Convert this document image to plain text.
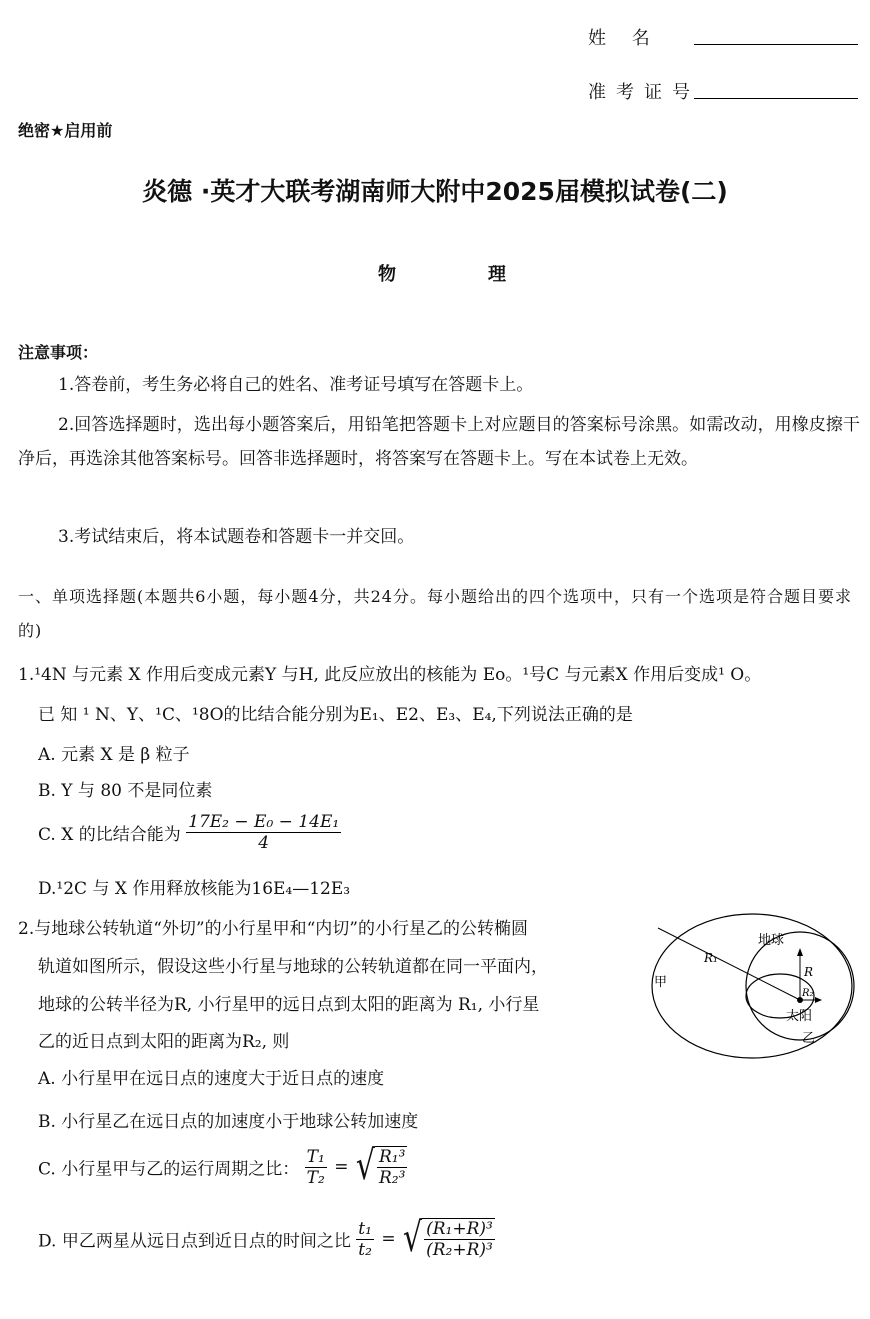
姓 名
准考证号
绝密★启用前
炎德 ·英才大联考湖南师大附中2025届模拟试卷(二)
物	理
注意事项：
1.答卷前，考生务必将自己的姓名、准考证号填写在答题卡上。
2.回答选择题时，选出每小题答案后，用铅笔把答题卡上对应题目的答案标号涂黑。如需改动，用橡皮擦干净后，再选涂其他答案标号。回答非选择题时，将答案写在答题卡上。写在本试卷上无效。
3.考试结束后，将本试题卷和答题卡一并交回。
一、单项选择题(本题共6小题，每小题4分，共24分。每小题给出的四个选项中，只有一个选项是符合题目要求的)
1.¹4N 与元素 X 作用后变成元素Y 与H, 此反应放出的核能为 Eo。¹号C 与元素X 作用后变成¹ O。
已 知 ¹ N、Y、¹C、¹8O的比结合能分别为E₁、E2、E₃、E₄,下列说法正确的是
A. 元素 X 是 β 粒子
B. Y 与 80 不是同位素
C. X 的比结合能为 $\frac{\text{17E₂ − E₀ − 14E₁}}{4}$
D.¹2C 与 X 作用释放核能为16E₄—12E₃
2.与地球公转轨道“外切”的小行星甲和“内切”的小行星乙的公转椭圆
轨道如图所示，假设这些小行星与地球的公转轨道都在同一平面内，
地球的公转半径为R, 小行星甲的远日点到太阳的距离为 R₁, 小行星
乙的近日点到太阳的距离为R₂, 则
A. 小行星甲在远日点的速度大于近日点的速度
B. 小行星乙在远日点的加速度小于地球公转加速度
C. 小行星甲与乙的运行周期之比： $\frac{\text{T₁}}{\text{T₂}}$ = √ $\frac{\text{R₁³}}{\text{R₂³}}$
D. 甲乙两星从远日点到近日点的时间之比 $\frac{\text{t₁}}{\text{t₂}}$ = √ $\frac{\text{(R₁+R)³}}{\text{(R₂+R)³}}$
地球
甲
乙
太阳
R₁
R
R₂
